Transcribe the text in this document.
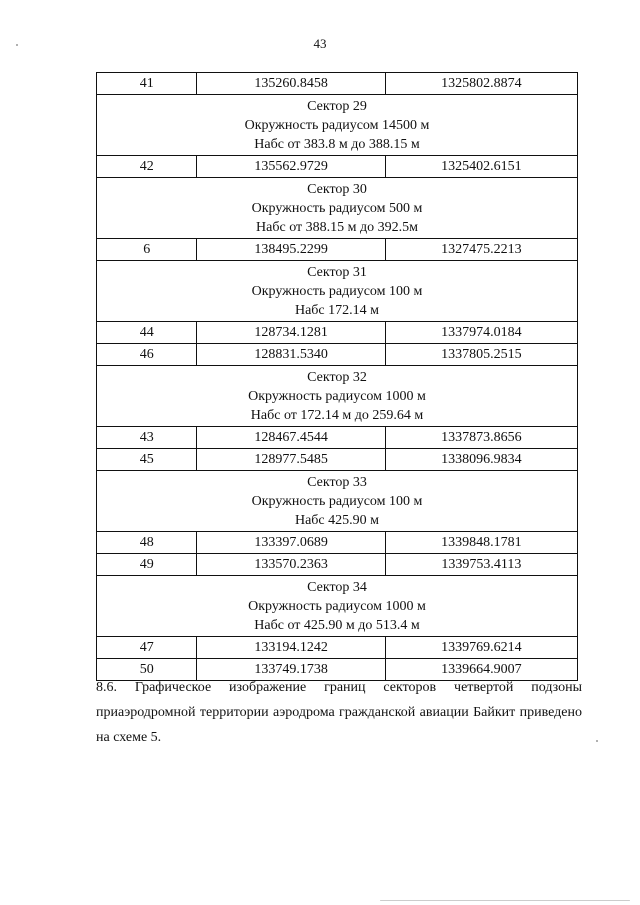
43
41	135260.8458	1325802.8874

Сектор 29
Окружность радиусом 14500 м
Набс от 383.8 м до 388.15 м		

42	135562.9729	1325402.6151

Сектор 30
Окружность радиусом 500 м
Набс от 388.15 м до 392.5м		

6	138495.2299	1327475.2213

Сектор 31
Окружность радиусом 100 м
Набс 172.14 м		

44	128734.1281	1337974.0184
46	128831.5340	1337805.2515

Сектор 32
Окружность радиусом 1000 м
Набс от 172.14 м до 259.64 м		

43	128467.4544	1337873.8656
45	128977.5485	1338096.9834

Сектор 33
Окружность радиусом 100 м
Набс 425.90 м		

48	133397.0689	1339848.1781
49	133570.2363	1339753.4113

Сектор 34
Окружность радиусом 1000 м
Набс от 425.90 м до 513.4 м		

47	133194.1242	1339769.6214
50	133749.1738	1339664.9007
8.6. Графическое изображение границ секторов четвертой подзоны
приаэродромной территории аэродрома гражданской авиации Байкит приведено на схеме 5.
